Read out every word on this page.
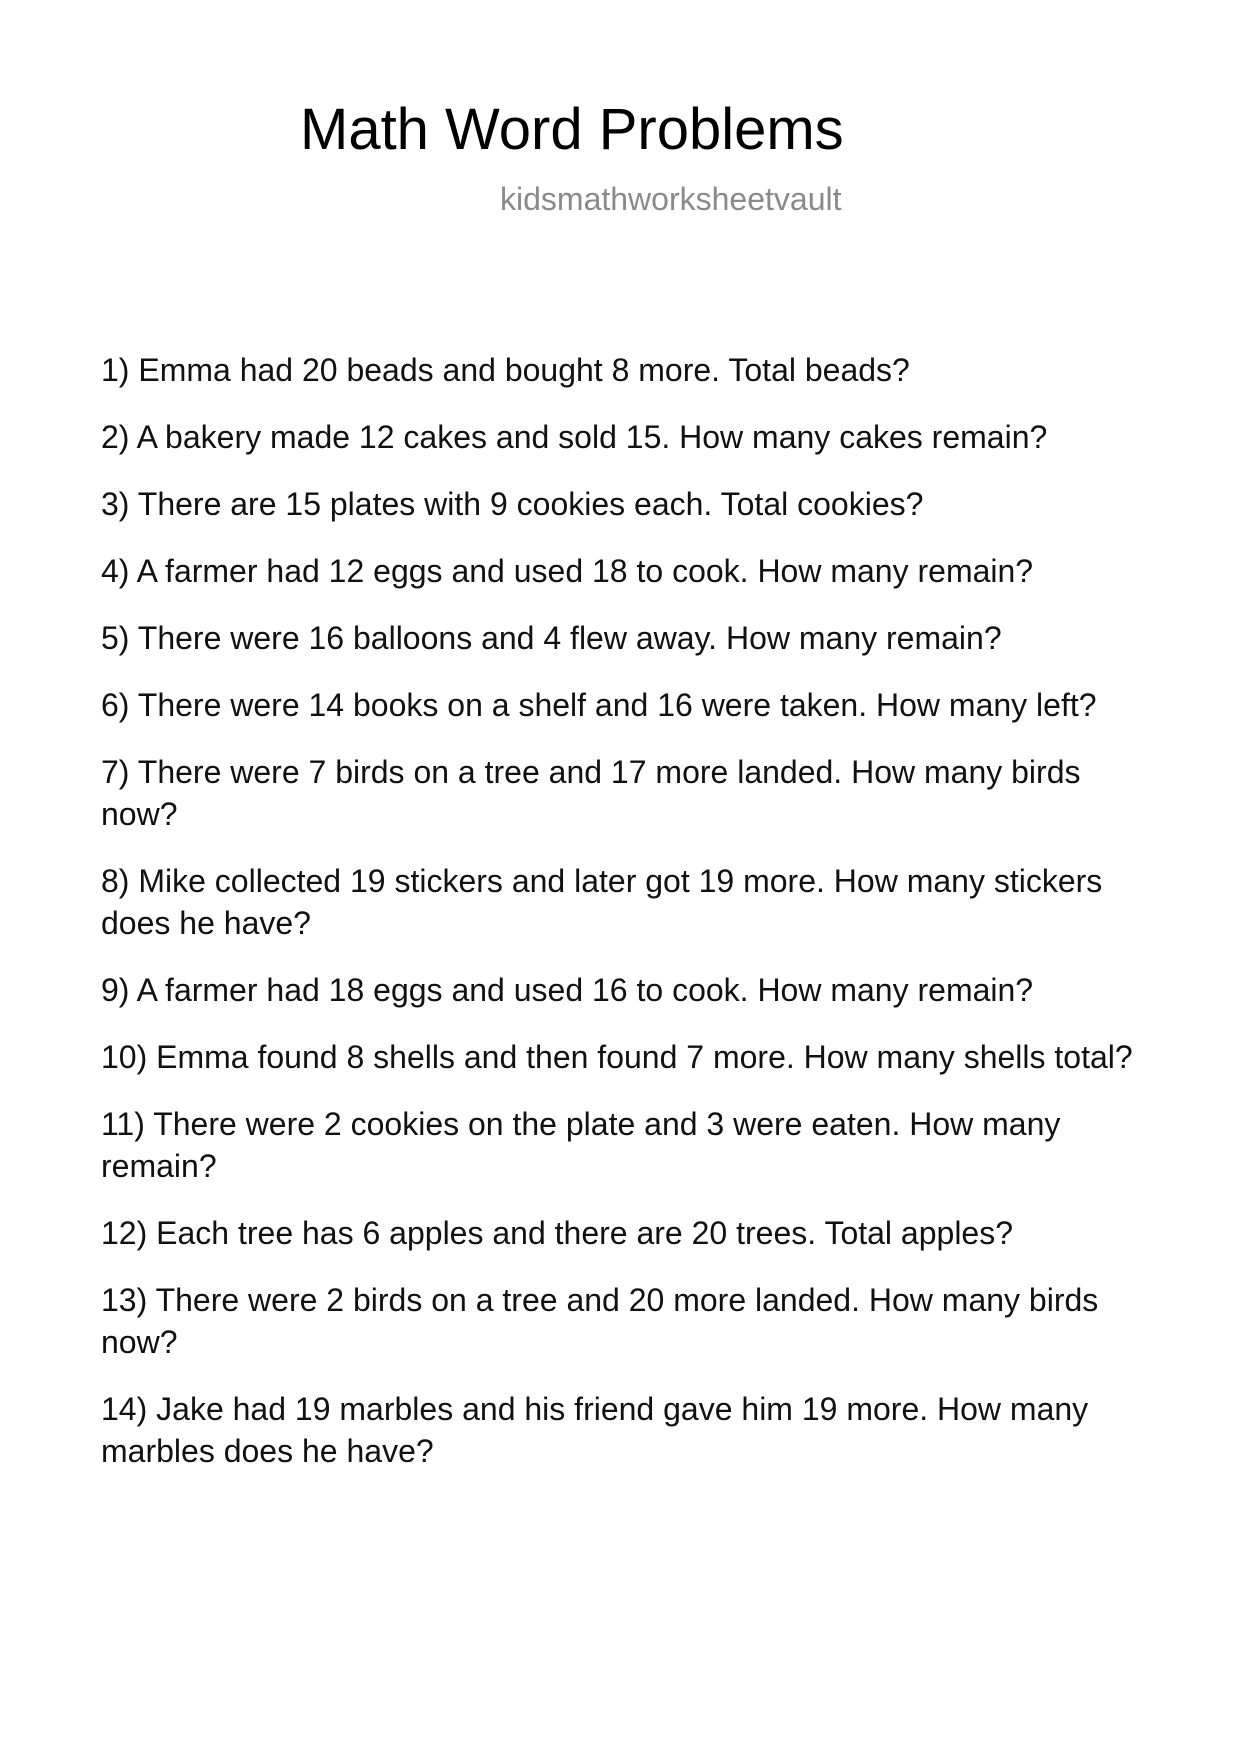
Math Word Problems
kidsmathworksheetvault
1) Emma had 20 beads and bought 8 more. Total beads?
2) A bakery made 12 cakes and sold 15. How many cakes remain?
3) There are 15 plates with 9 cookies each. Total cookies?
4) A farmer had 12 eggs and used 18 to cook. How many remain?
5) There were 16 balloons and 4 flew away. How many remain?
6) There were 14 books on a shelf and 16 were taken. How many left?
7) There were 7 birds on a tree and 17 more landed. How many birds now?
8) Mike collected 19 stickers and later got 19 more. How many stickers does he have?
9) A farmer had 18 eggs and used 16 to cook. How many remain?
10) Emma found 8 shells and then found 7 more. How many shells total?
11) There were 2 cookies on the plate and 3 were eaten. How many remain?
12) Each tree has 6 apples and there are 20 trees. Total apples?
13) There were 2 birds on a tree and 20 more landed. How many birds now?
14) Jake had 19 marbles and his friend gave him 19 more. How many marbles does he have?
